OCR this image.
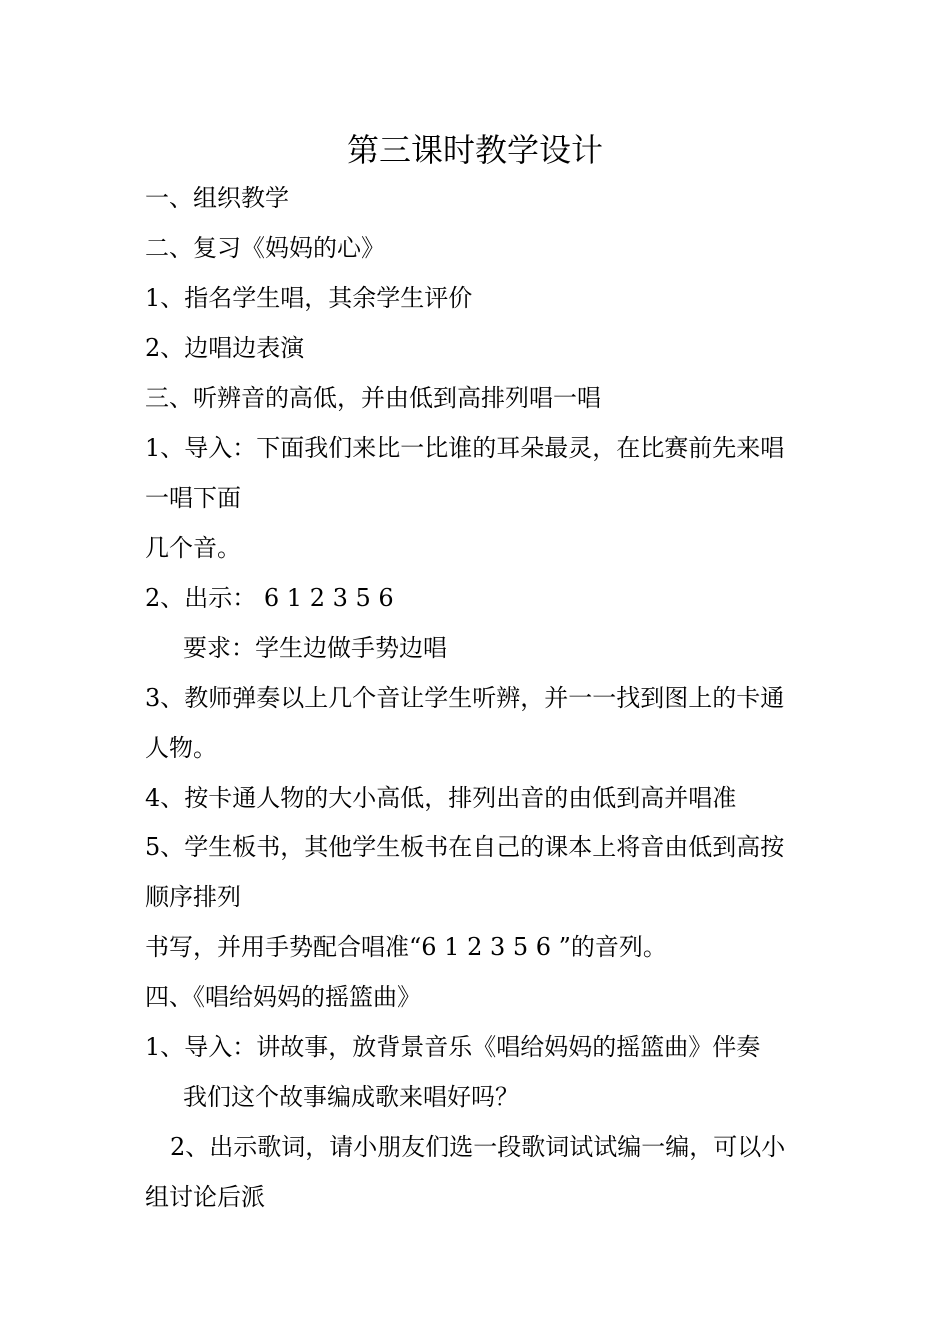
第三课时教学设计
一、组织教学
二、复习《妈妈的心》
1、指名学生唱，其余学生评价
2、边唱边表演
三、听辨音的高低，并由低到高排列唱一唱
1、导入：下面我们来比一比谁的耳朵最灵，在比赛前先来唱
一唱下面
几个音。
2、出示： 6 1 2 3 5 6
要求：学生边做手势边唱
3、教师弹奏以上几个音让学生听辨，并一一找到图上的卡通
人物。
4、按卡通人物的大小高低，排列出音的由低到高并唱准
5、学生板书，其他学生板书在自己的课本上将音由低到高按
顺序排列
书写，并用手势配合唱准“6 1 2 3 5 6 ”的音列。
四、《唱给妈妈的摇篮曲》
1、导入：讲故事，放背景音乐《唱给妈妈的摇篮曲》伴奏
我们这个故事编成歌来唱好吗？
2、出示歌词，请小朋友们选一段歌词试试编一编，可以小
组讨论后派
